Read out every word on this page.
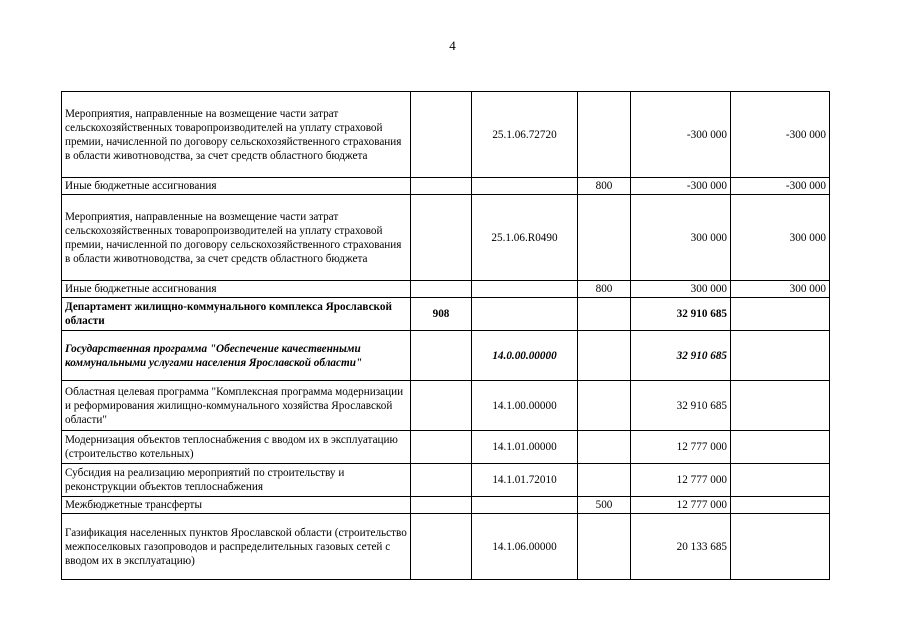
4
Мероприятия, направленные на возмещение части затрат сельскохозяйственных товаропроизводителей на уплату страховой премии, начисленной по договору сельскохозяйственного страхования в области животноводства, за счет средств областного бюджета		25.1.06.72720		-300 000	-300 000
Иные бюджетные ассигнования			800	-300 000	-300 000
Мероприятия, направленные на возмещение части затрат сельскохозяйственных товаропроизводителей на уплату страховой премии, начисленной по договору сельскохозяйственного страхования в области животноводства, за счет средств областного бюджета		25.1.06.R0490		300 000	300 000
Иные бюджетные ассигнования			800	300 000	300 000
Департамент жилищно-коммунального комплекса Ярославской области	908			32 910 685	
Государственная программа "Обеспечение качественными коммунальными услугами населения Ярославской области"		14.0.00.00000		32 910 685	
Областная целевая программа "Комплексная программа модернизации и реформирования жилищно-коммунального хозяйства Ярославской области"		14.1.00.00000		32 910 685	
Модернизация объектов теплоснабжения с вводом их в эксплуатацию (строительство котельных)		14.1.01.00000		12 777 000	
Субсидия на реализацию мероприятий по строительству и реконструкции объектов теплоснабжения		14.1.01.72010		12 777 000	
Межбюджетные трансферты			500	12 777 000	
Газификация населенных пунктов Ярославской области (строительство межпоселковых газопроводов и распределительных газовых сетей с вводом их в эксплуатацию)		14.1.06.00000		20 133 685	
